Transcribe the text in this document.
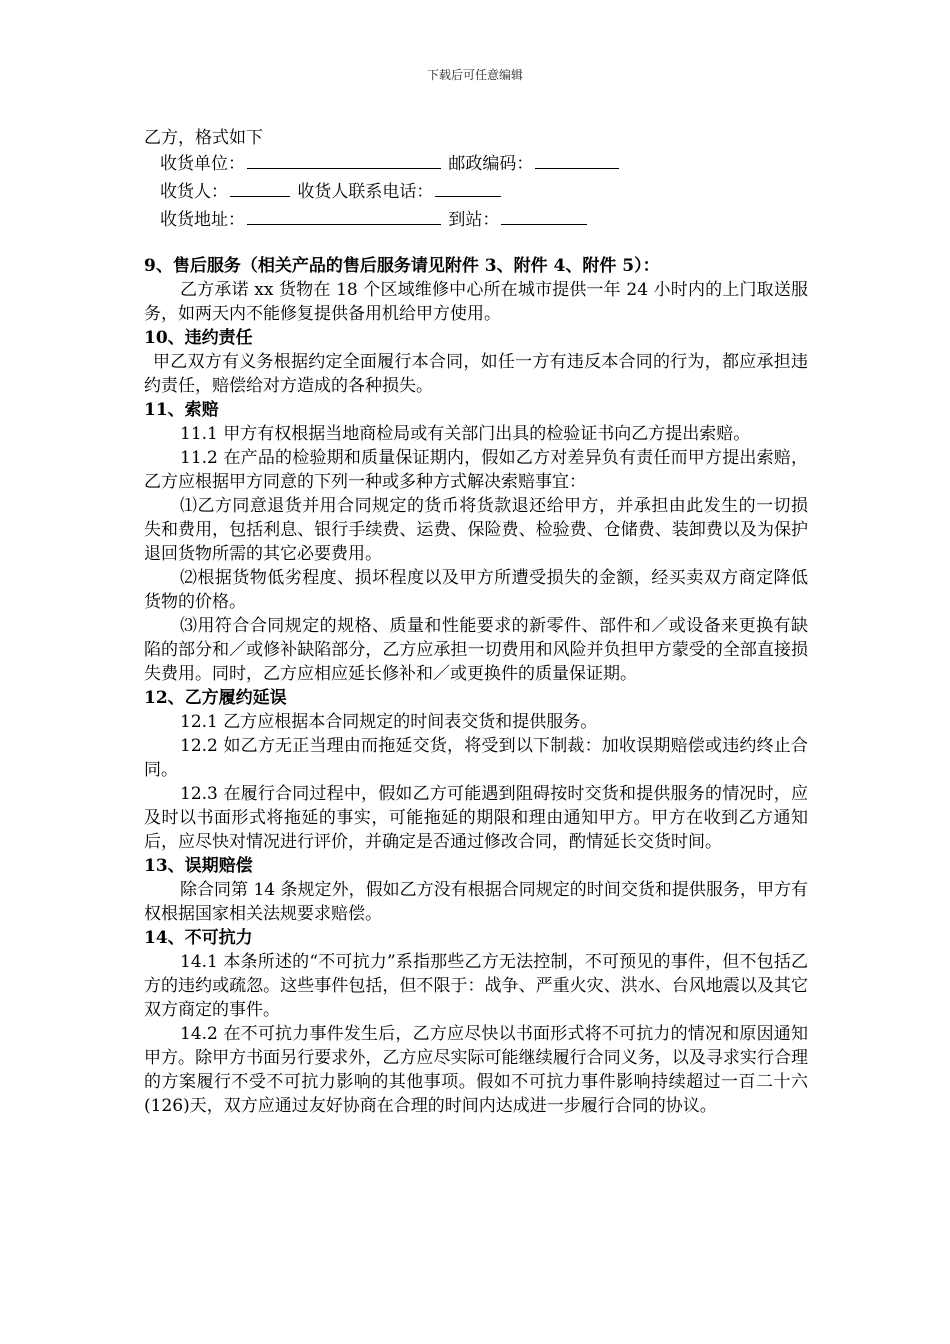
下载后可任意编辑

乙方，格式如下

收货单位：	邮政编码：
收货人：	收货人联系电话：
收货地址：	到站：

9、售后服务（相关产品的售后服务请见附件 3、附件 4、附件 5）：

乙方承诺 xx 货物在 18 个区域维修中心所在城市提供一年 24 小时内的上门取送服务，如两天内不能修复提供备用机给甲方使用。

10、违约责任

甲乙双方有义务根据约定全面履行本合同，如任一方有违反本合同的行为，都应承担违约责任，赔偿给对方造成的各种损失。

11、索赔

11.1 甲方有权根据当地商检局或有关部门出具的检验证书向乙方提出索赔。

11.2 在产品的检验期和质量保证期内，假如乙方对差异负有责任而甲方提出索赔，乙方应根据甲方同意的下列一种或多种方式解决索赔事宜：

⑴乙方同意退货并用合同规定的货币将货款退还给甲方，并承担由此发生的一切损失和费用，包括利息、银行手续费、运费、保险费、检验费、仓储费、装卸费以及为保护退回货物所需的其它必要费用。

⑵根据货物低劣程度、损坏程度以及甲方所遭受损失的金额，经买卖双方商定降低货物的价格。

⑶用符合合同规定的规格、质量和性能要求的新零件、部件和／或设备来更换有缺陷的部分和／或修补缺陷部分，乙方应承担一切费用和风险并负担甲方蒙受的全部直接损失费用。同时，乙方应相应延长修补和／或更换件的质量保证期。

12、乙方履约延误

12.1 乙方应根据本合同规定的时间表交货和提供服务。

12.2 如乙方无正当理由而拖延交货，将受到以下制裁：加收误期赔偿或违约终止合同。

12.3 在履行合同过程中，假如乙方可能遇到阻碍按时交货和提供服务的情况时，应及时以书面形式将拖延的事实，可能拖延的期限和理由通知甲方。甲方在收到乙方通知后，应尽快对情况进行评价，并确定是否通过修改合同，酌情延长交货时间。

13、误期赔偿

除合同第 14 条规定外，假如乙方没有根据合同规定的时间交货和提供服务，甲方有权根据国家相关法规要求赔偿。

14、不可抗力

14.1 本条所述的“不可抗力”系指那些乙方无法控制，不可预见的事件，但不包括乙方的违约或疏忽。这些事件包括，但不限于：战争、严重火灾、洪水、台风地震以及其它双方商定的事件。

14.2 在不可抗力事件发生后，乙方应尽快以书面形式将不可抗力的情况和原因通知甲方。除甲方书面另行要求外，乙方应尽实际可能继续履行合同义务，以及寻求实行合理的方案履行不受不可抗力影响的其他事项。假如不可抗力事件影响持续超过一百二十六(126)天，双方应通过友好协商在合理的时间内达成进一步履行合同的协议。
